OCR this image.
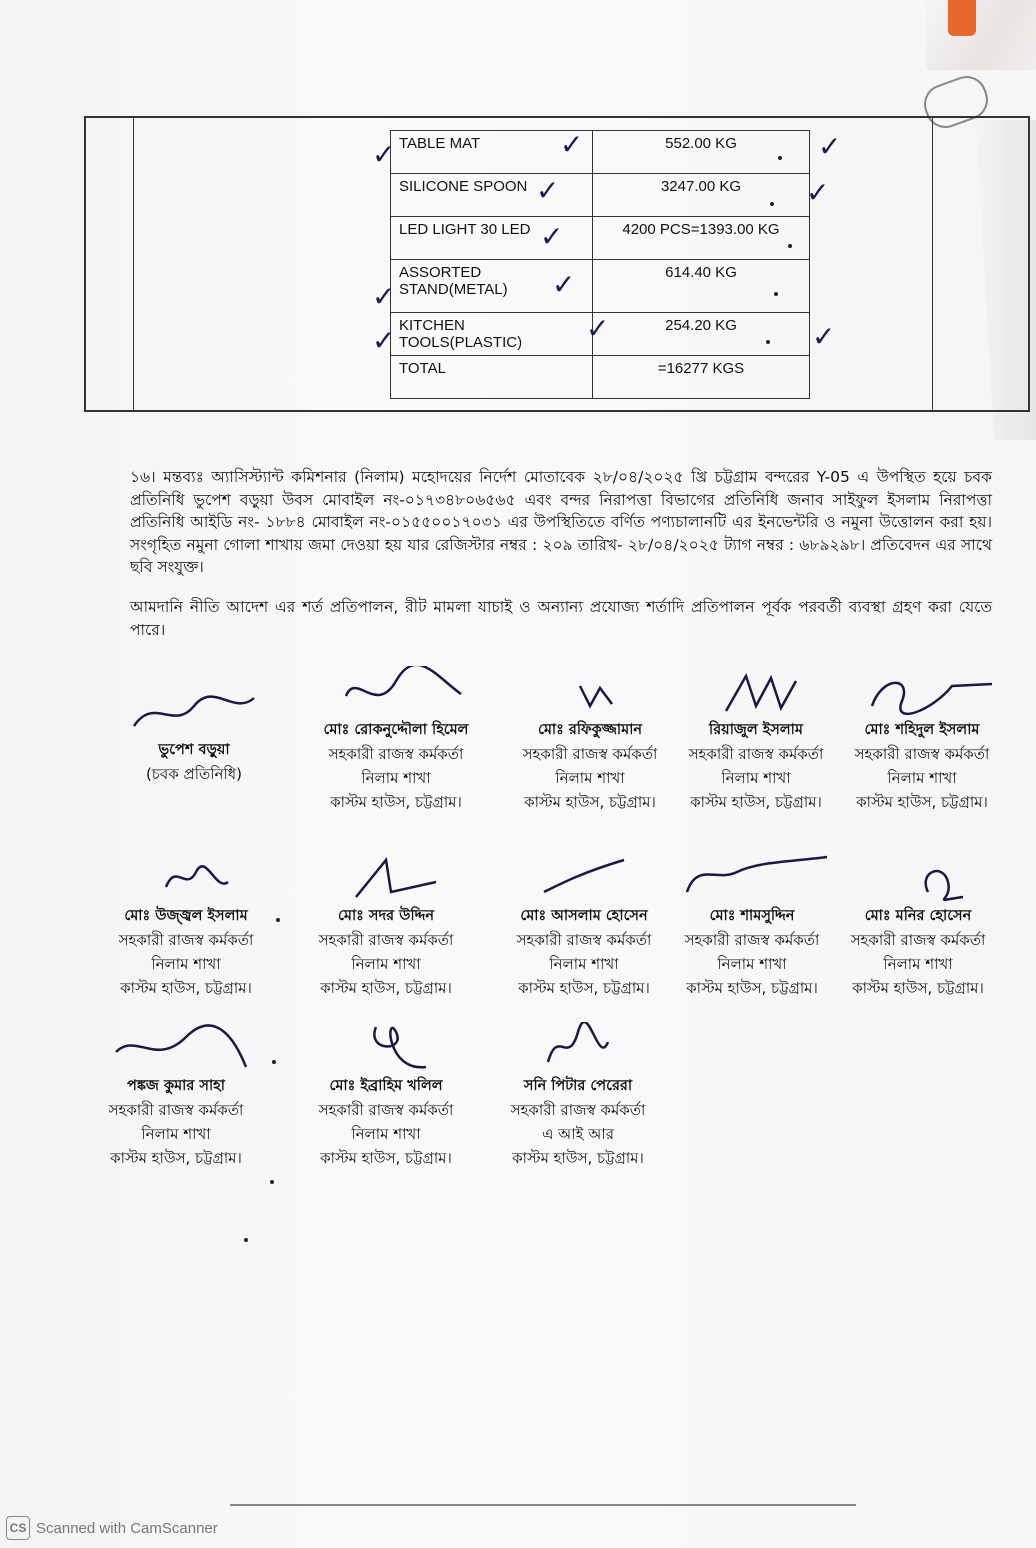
TABLE MAT	552.00 KG
SILICONE SPOON	3247.00 KG
LED LIGHT 30 LED	4200 PCS=1393.00 KG
ASSORTED STAND(METAL)	614.40 KG
KITCHEN TOOLS(PLASTIC)	254.20 KG
TOTAL	=16277 KGS
✓	✓
✓
✓
✓
✓
✓
✓
✓
✓
✓
১৬। মন্তব্যঃ অ্যাসিস্ট্যান্ট কমিশনার (নিলাম) মহোদয়ের নির্দেশ মোতাবেক ২৮/০৪/২০২৫ খ্রি চট্টগ্রাম বন্দরের Y-05 এ উপস্থিত হয়ে চবক প্রতিনিধি ভুপেশ বড়ুয়া উবস মোবাইল নং-০১৭৩৪৮০৬৫৬৫ এবং বন্দর নিরাপত্তা বিভাগের প্রতিনিধি জনাব সাইফুল ইসলাম নিরাপত্তা প্রতিনিধি আইডি নং- ১৮৮৪ মোবাইল নং-০১৫৫০০১৭০৩১ এর উপস্থিতিতে বর্ণিত পণ্যচালানটি এর ইনভেন্টরি ও নমুনা উত্তোলন করা হয়। সংগৃহিত নমুনা গোলা শাখায় জমা দেওয়া হয় যার রেজিস্টার নম্বর : ২০৯ তারিখ- ২৮/০৪/২০২৫ ট্যাগ নম্বর : ৬৮৯২৯৮। প্রতিবেদন এর সাথে ছবি সংযুক্ত।
আমদানি নীতি আদেশ এর শর্ত প্রতিপালন, রীট মামলা যাচাই ও অন্যান্য প্রযোজ্য শর্তাদি প্রতিপালন পূর্বক পরবর্তী ব্যবস্থা গ্রহণ করা যেতে পারে।
ভুপেশ বড়ুয়া
(চবক প্রতিনিধি)
মোঃ রোকনুদ্দৌলা হিমেল
সহকারী রাজস্ব কর্মকর্তা
নিলাম শাখা
কাস্টম হাউস, চট্টগ্রাম।
মোঃ রফিকুজ্জামান
সহকারী রাজস্ব কর্মকর্তা
নিলাম শাখা
কাস্টম হাউস, চট্টগ্রাম।
রিয়াজুল ইসলাম
সহকারী রাজস্ব কর্মকর্তা
নিলাম শাখা
কাস্টম হাউস, চট্টগ্রাম।
মোঃ শহিদুল ইসলাম
সহকারী রাজস্ব কর্মকর্তা
নিলাম শাখা
কাস্টম হাউস, চট্টগ্রাম।
মোঃ উজ্জ্বল ইসলাম
সহকারী রাজস্ব কর্মকর্তা
নিলাম শাখা
কাস্টম হাউস, চট্টগ্রাম।
মোঃ সদর উদ্দিন
সহকারী রাজস্ব কর্মকর্তা
নিলাম শাখা
কাস্টম হাউস, চট্টগ্রাম।
মোঃ আসলাম হোসেন
সহকারী রাজস্ব কর্মকর্তা
নিলাম শাখা
কাস্টম হাউস, চট্টগ্রাম।
মোঃ শামসুদ্দিন
সহকারী রাজস্ব কর্মকর্তা
নিলাম শাখা
কাস্টম হাউস, চট্টগ্রাম।
মোঃ মনির হোসেন
সহকারী রাজস্ব কর্মকর্তা
নিলাম শাখা
কাস্টম হাউস, চট্টগ্রাম।
পঙ্কজ কুমার সাহা
সহকারী রাজস্ব কর্মকর্তা
নিলাম শাখা
কাস্টম হাউস, চট্টগ্রাম।
মোঃ ইব্রাহিম খলিল
সহকারী রাজস্ব কর্মকর্তা
নিলাম শাখা
কাস্টম হাউস, চট্টগ্রাম।
সনি পিটার পেরেরা
সহকারী রাজস্ব কর্মকর্তা
এ আই আর
কাস্টম হাউস, চট্টগ্রাম।
CS Scanned with CamScanner
